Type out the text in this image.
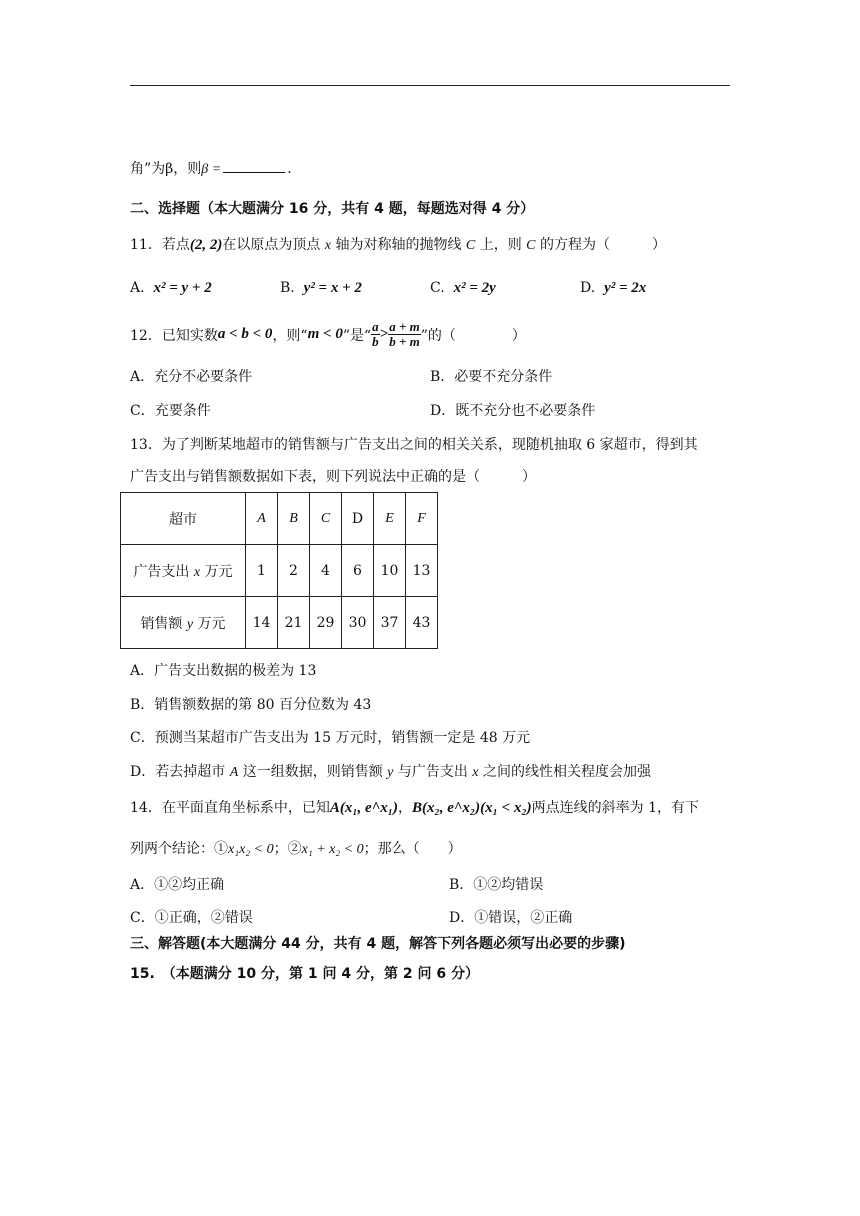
角”为β，则β =	.
二、选择题（本大题满分 16 分，共有 4 题，每题选对得 4 分）
11．若点(2, 2)在以原点为顶点 x 轴为对称轴的抛物线 C 上，则 C 的方程为（　　　）
A. x² = y + 2	B. y² = x + 2	C. x² = 2y	D. y² = 2x
12．已知实数 a < b < 0 ，则“ m < 0 ”是“ $\frac{a}{b} > \frac{a + m}{b + m}$ ”的（　　　　）
A．充分不必要条件	B．必要不充分条件
C．充要条件	D．既不充分也不必要条件
13．为了判断某地超市的销售额与广告支出之间的相关关系，现随机抽取 6 家超市，得到其
广告支出与销售额数据如下表，则下列说法中正确的是（　　　）
超市	A	B	C	D	E	F
广告支出 x 万元	1	2	4	6	10	13
销售额 y 万元	14	21	29	30	37	43
A．广告支出数据的极差为 13
B．销售额数据的第 80 百分位数为 43
C．预测当某超市广告支出为 15 万元时，销售额一定是 48 万元
D．若去掉超市 A 这一组数据，则销售额 y 与广告支出 x 之间的线性相关程度会加强
14．在平面直角坐标系中，已知A(x₁, e^x₁)，B(x₂, e^x₂)(x₁ < x₂)两点连线的斜率为 1，有下
列两个结论：①x₁x₂ < 0；②x₁ + x₂ < 0；那么（　　）
A．①②均正确	B．①②均错误
C．①正确，②错误	D．①错误，②正确
三、解答题(本大题满分 44 分，共有 4 题，解答下列各题必须写出必要的步骤)
15.　（本题满分 10 分，第 1 问 4 分，第 2 问 6 分）
